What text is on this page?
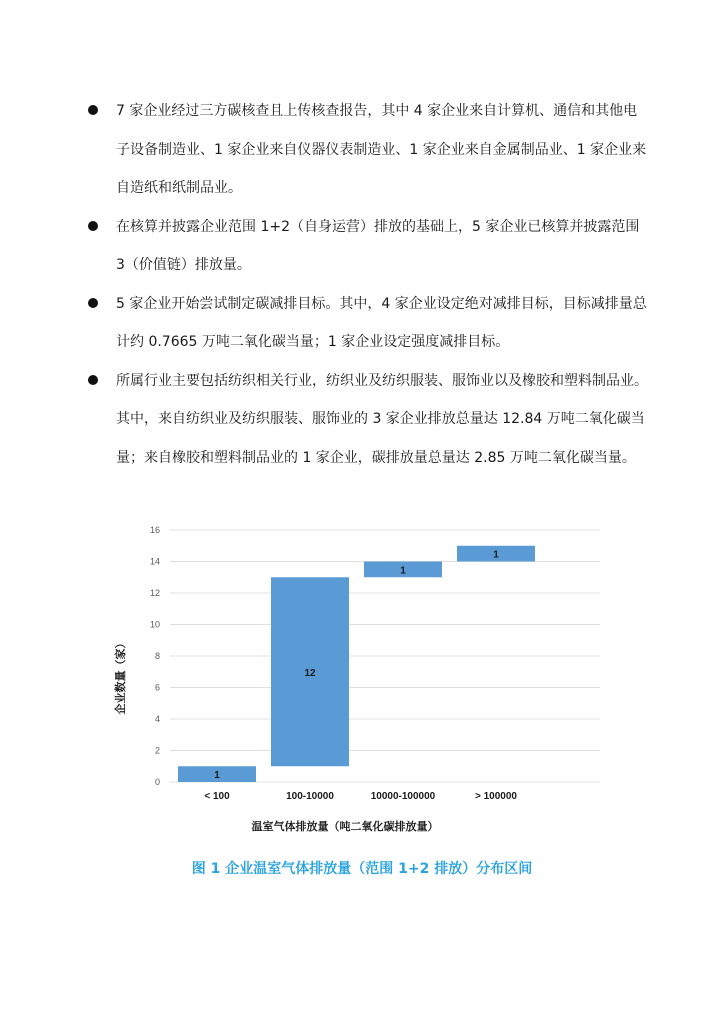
7 家企业经过三方碳核查且上传核查报告，其中 4 家企业来自计算机、通信和其他电子设备制造业、1 家企业来自仪器仪表制造业、1 家企业来自金属制品业、1 家企业来自造纸和纸制品业。
在核算并披露企业范围 1+2（自身运营）排放的基础上，5 家企业已核算并披露范围 3（价值链）排放量。
5 家企业开始尝试制定碳减排目标。其中，4 家企业设定绝对减排目标，目标减排量总计约 0.7665 万吨二氧化碳当量；1 家企业设定强度减排目标。
所属行业主要包括纺织相关行业，纺织业及纺织服装、服饰业以及橡胶和塑料制品业。其中，来自纺织业及纺织服装、服饰业的 3 家企业排放总量达 12.84 万吨二氧化碳当量；来自橡胶和塑料制品业的 1 家企业，碳排放量总量达 2.85 万吨二氧化碳当量。
0
2
4
6
8
10
12
14
16
1
< 100
12
100-10000
1
10000-100000
1
> 100000
温室气体排放量（吨二氧化碳排放量）
企业数量（家）
图 1 企业温室气体排放量（范围 1+2 排放）分布区间
